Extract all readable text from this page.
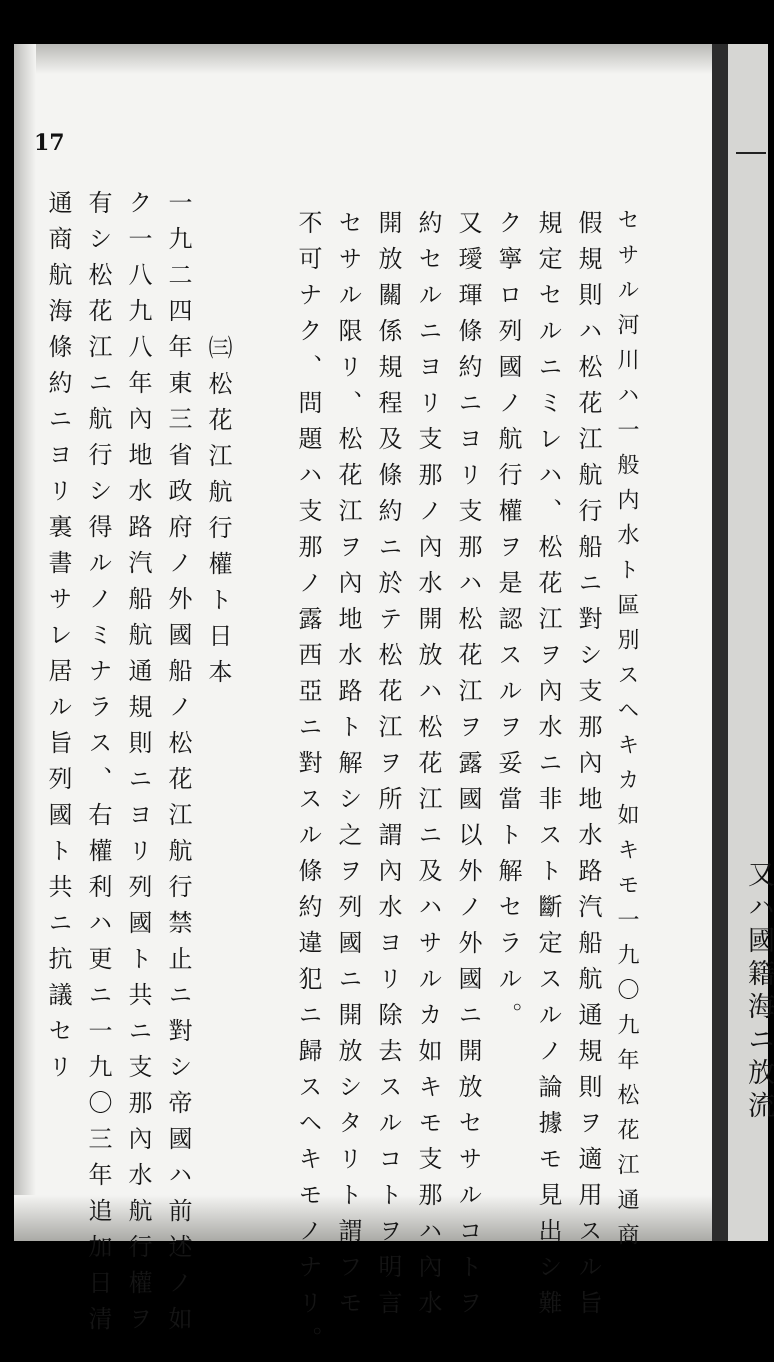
又ハ國籍海ニ放流
17
セサル河川ハ一般内水ト區別スヘキカ如キモ一九〇九年松花江通商
假規則ハ松花江航行船ニ對シ支那內地水路汽船航通規則ヲ適用スル旨
規定セルニミレハ、松花江ヲ內水ニ非スト斷定スルノ論據モ見出シ難
ク寧ロ列國ノ航行權ヲ是認スルヲ妥當ト解セラル。
又璦琿條約ニヨリ支那ハ松花江ヲ露國以外ノ外國ニ開放セサルコトヲ
約セルニヨリ支那ノ內水開放ハ松花江ニ及ハサルカ如キモ支那ハ內水
開放關係規程及條約ニ於テ松花江ヲ所謂內水ヨリ除去スルコトヲ明言
セサル限リ、松花江ヲ內地水路ト解シ之ヲ列國ニ開放シタリト謂フモ
不可ナク、問題ハ支那ノ露西亞ニ對スル條約違犯ニ歸スヘキモノナリ。
㈢松花江航行權ト日本
一九二四年東三省政府ノ外國船ノ松花江航行禁止ニ對シ帝國ハ前述ノ如
ク一八九八年內地水路汽船航通規則ニヨリ列國ト共ニ支那內水航行權ヲ
有シ松花江ニ航行シ得ルノミナラス、右權利ハ更ニ一九〇三年追加日清
通商航海條約ニヨリ裏書サレ居ル旨列國ト共ニ抗議セリ
